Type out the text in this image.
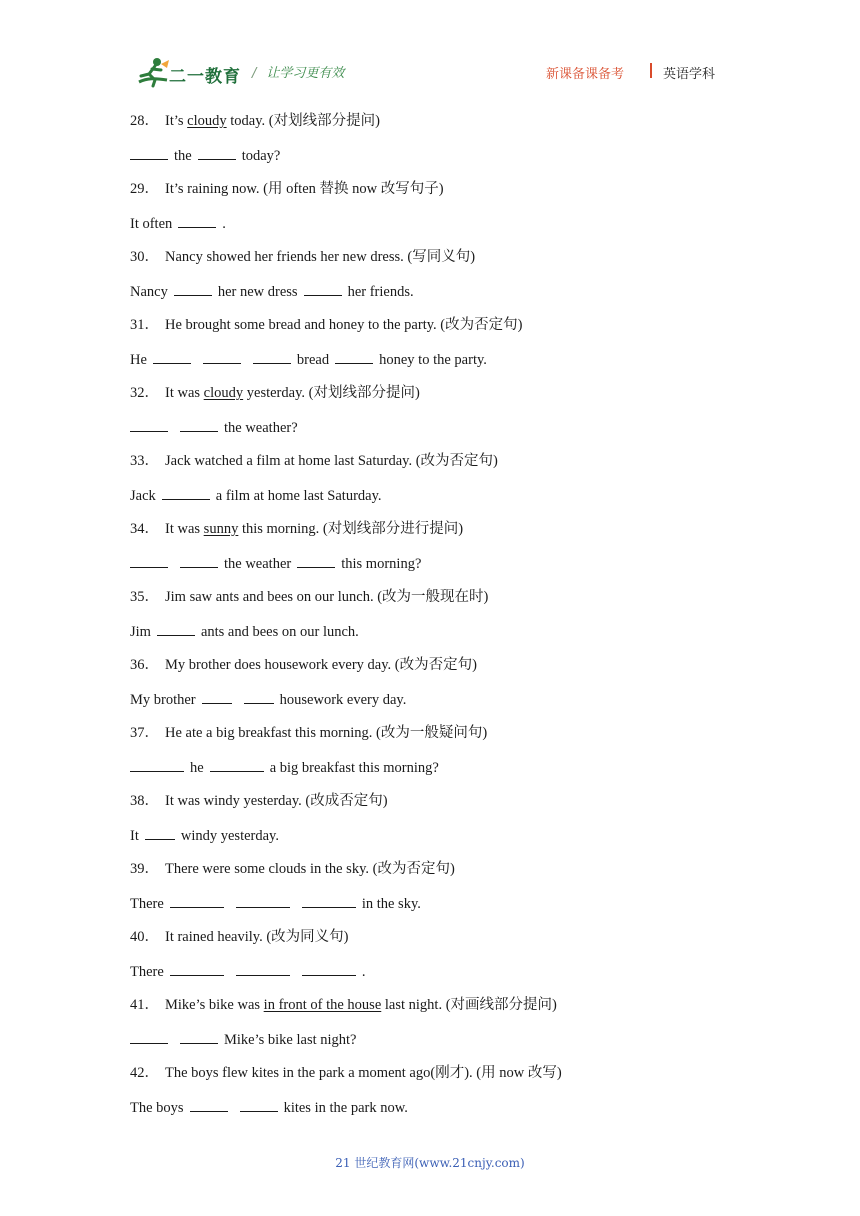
二一教育 / 让学习更有效	新课备课备考	英语学科
28． It’s cloudy today. (对划线部分提问)
the	today?
29． It’s raining now. (用 often 替换 now 改写句子)
It often	.
30． Nancy showed her friends her new dress. (写同义句)
Nancy	her new dress	her friends.
31． He brought some bread and honey to the party. (改为否定句)
He	bread	honey to the party.
32． It was cloudy yesterday. (对划线部分提问)
the weather?
33． Jack watched a film at home last Saturday. (改为否定句)
Jack	a film at home last Saturday.
34． It was sunny this morning. (对划线部分进行提问)
the weather	this morning?
35． Jim saw ants and bees on our lunch. (改为一般现在时)
Jim	ants and bees on our lunch.
36． My brother does housework every day. (改为否定句)
My brother	housework every day.
37． He ate a big breakfast this morning. (改为一般疑问句)
he	a big breakfast this morning?
38． It was windy yesterday. (改成否定句)
It	windy yesterday.
39． There were some clouds in the sky. (改为否定句)
There	in the sky.
40． It rained heavily. (改为同义句)
There	.
41． Mike’s bike was in front of the house last night. (对画线部分提问)
Mike’s bike last night?
42． The boys flew kites in the park a moment ago(刚才). (用 now 改写)
The boys	kites in the park now.
21 世纪教育网(www.21cnjy.com)
